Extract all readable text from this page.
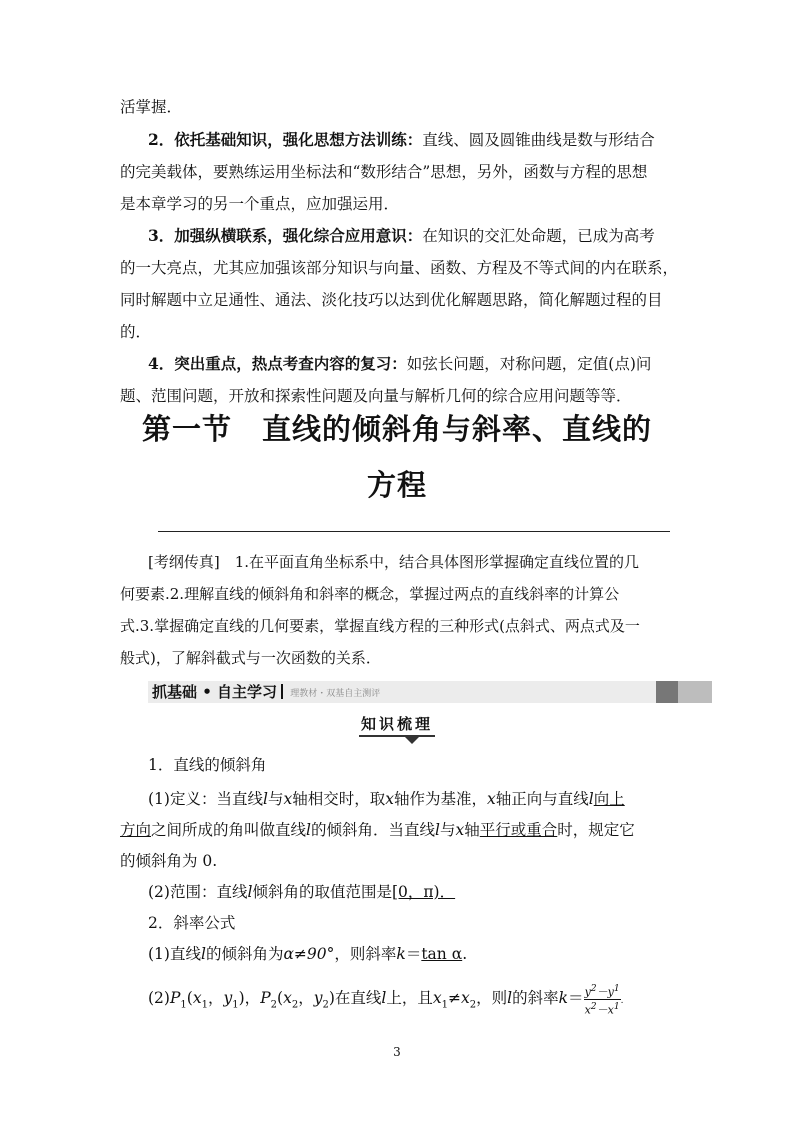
活掌握．
2．依托基础知识，强化思想方法训练：直线、圆及圆锥曲线是数与形结合
的完美载体，要熟练运用坐标法和“数形结合”思想，另外，函数与方程的思想
是本章学习的另一个重点，应加强运用．
3．加强纵横联系，强化综合应用意识：在知识的交汇处命题，已成为高考
的一大亮点，尤其应加强该部分知识与向量、函数、方程及不等式间的内在联系，
同时解题中立足通性、通法、淡化技巧以达到优化解题思路，简化解题过程的目
的．
4．突出重点，热点考查内容的复习：如弦长问题，对称问题，定值(点)问
题、范围问题，开放和探索性问题及向量与解析几何的综合应用问题等等．
第一节　直线的倾斜角与斜率、直线的
方程
[考纲传真]　1.在平面直角坐标系中，结合具体图形掌握确定直线位置的几
何要素.2.理解直线的倾斜角和斜率的概念，掌握过两点的直线斜率的计算公
式.3.掌握确定直线的几何要素，掌握直线方程的三种形式(点斜式、两点式及一
般式)，了解斜截式与一次函数的关系．
抓基础 • 自主学习 理教材・双基自主测评
知识梳理
1．直线的倾斜角
(1)定义：当直线l与x轴相交时，取x轴作为基准，x轴正向与直线l向上
方向之间所成的角叫做直线l的倾斜角．当直线l与x轴平行或重合时，规定它
的倾斜角为 0.
(2)范围：直线l倾斜角的取值范围是[0，π)．
2．斜率公式
(1)直线l的倾斜角为α≠90°，则斜率k＝tan α.
$(2)P_1(x_1$，$y_1$)，$P_2(x_2$，$y_2$)在直线l上，且$x_1\ne x_2$，则l的斜率$k= \frac{y^2-y^1}{x^2-x^1}$ .
3
